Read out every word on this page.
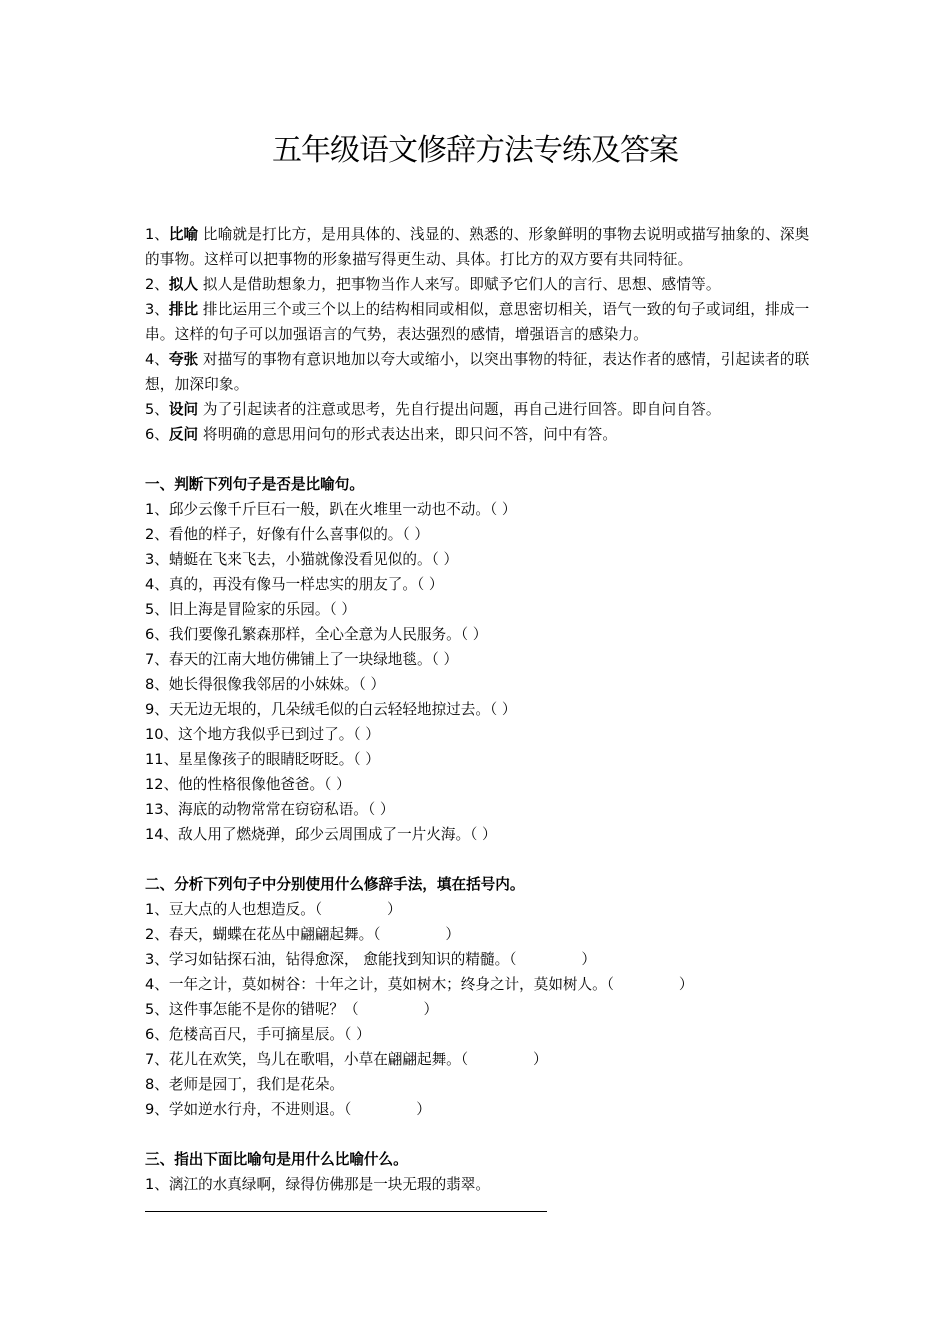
五年级语文修辞方法专练及答案
1、比喻 比喻就是打比方，是用具体的、浅显的、熟悉的、形象鲜明的事物去说明或描写抽象的、深奥的事物。这样可以把事物的形象描写得更生动、具体。打比方的双方要有共同特征。
2、拟人 拟人是借助想象力，把事物当作人来写。即赋予它们人的言行、思想、感情等。
3、排比 排比运用三个或三个以上的结构相同或相似，意思密切相关，语气一致的句子或词组，排成一串。这样的句子可以加强语言的气势，表达强烈的感情，增强语言的感染力。
4、夸张 对描写的事物有意识地加以夸大或缩小，以突出事物的特征，表达作者的感情，引起读者的联想，加深印象。
5、设问 为了引起读者的注意或思考，先自行提出问题，再自己进行回答。即自问自答。
6、反问 将明确的意思用问句的形式表达出来，即只问不答，问中有答。
一、判断下列句子是否是比喻句。
1、邱少云像千斤巨石一般，趴在火堆里一动也不动。（ ）
2、看他的样子，好像有什么喜事似的。（ ）
3、蜻蜓在飞来飞去，小猫就像没看见似的。（ ）
4、真的，再没有像马一样忠实的朋友了。（ ）
5、旧上海是冒险家的乐园。（ ）
6、我们要像孔繁森那样，全心全意为人民服务。（ ）
7、春天的江南大地仿佛铺上了一块绿地毯。（ ）
8、她长得很像我邻居的小妹妹。（ ）
9、天无边无垠的，几朵绒毛似的白云轻轻地掠过去。（ ）
10、这个地方我似乎已到过了。（ ）
11、星星像孩子的眼睛眨呀眨。（ ）
12、他的性格很像他爸爸。（ ）
13、海底的动物常常在窃窃私语。（ ）
14、敌人用了燃烧弹，邱少云周围成了一片火海。（ ）
二、分析下列句子中分别使用什么修辞手法，填在括号内。
1、豆大点的人也想造反。（              ）
2、春天，蝴蝶在花丛中翩翩起舞。（              ）
3、学习如钻探石油，钻得愈深， 愈能找到知识的精髓。（              ）
4、一年之计，莫如树谷：十年之计，莫如树木；终身之计，莫如树人。（              ）
5、这件事怎能不是你的错呢？（              ）
6、危楼高百尺，手可摘星辰。（ ）
7、花儿在欢笑，鸟儿在歌唱，小草在翩翩起舞。（              ）
8、老师是园丁，我们是花朵。
9、学如逆水行舟，不进则退。（              ）
三、指出下面比喻句是用什么比喻什么。
1、漓江的水真绿啊，绿得仿佛那是一块无瑕的翡翠。
